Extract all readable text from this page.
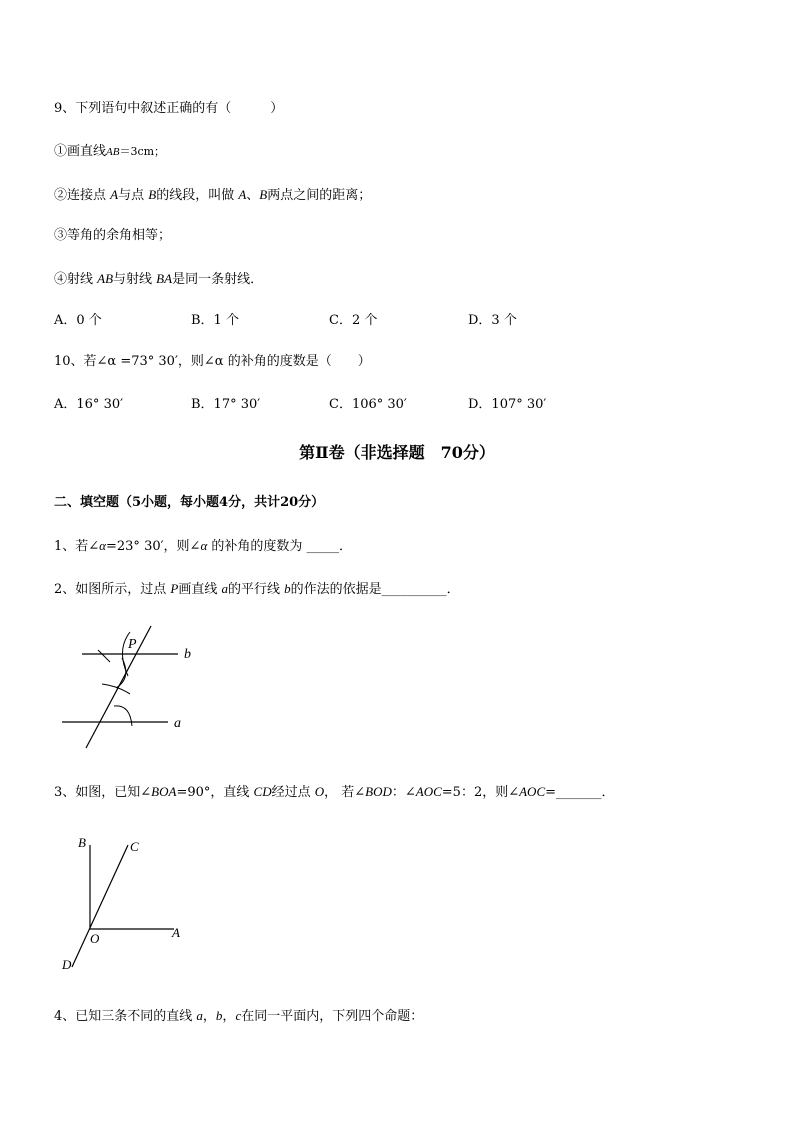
9、下列语句中叙述正确的有（　　　）
①画直线AB＝3cm；
②连接点 A与点 B的线段，叫做 A、B两点之间的距离；
③等角的余角相等；
④射线 AB与射线 BA是同一条射线．
A．0 个	B．1 个	C．2 个	D．3 个
10、若∠α =73° 30′，则∠α 的补角的度数是（　　）
A．16° 30′	B．17° 30′	C．106° 30′	D．107° 30′
第Ⅱ卷（非选择题　70分）
二、填空题（5小题，每小题4分，共计20分）
1、若∠α=23° 30′，则∠α 的补角的度数为 _____．
2、如图所示，过点 P画直线 a的平行线 b的作法的依据是__________．
P
b
a
3、如图，已知∠BOA=90°，直线 CD经过点 O， 若∠BOD：∠AOC=5：2，则∠AOC=_______．
B	C
O	A
D
4、已知三条不同的直线 a，b，c在同一平面内，下列四个命题：
